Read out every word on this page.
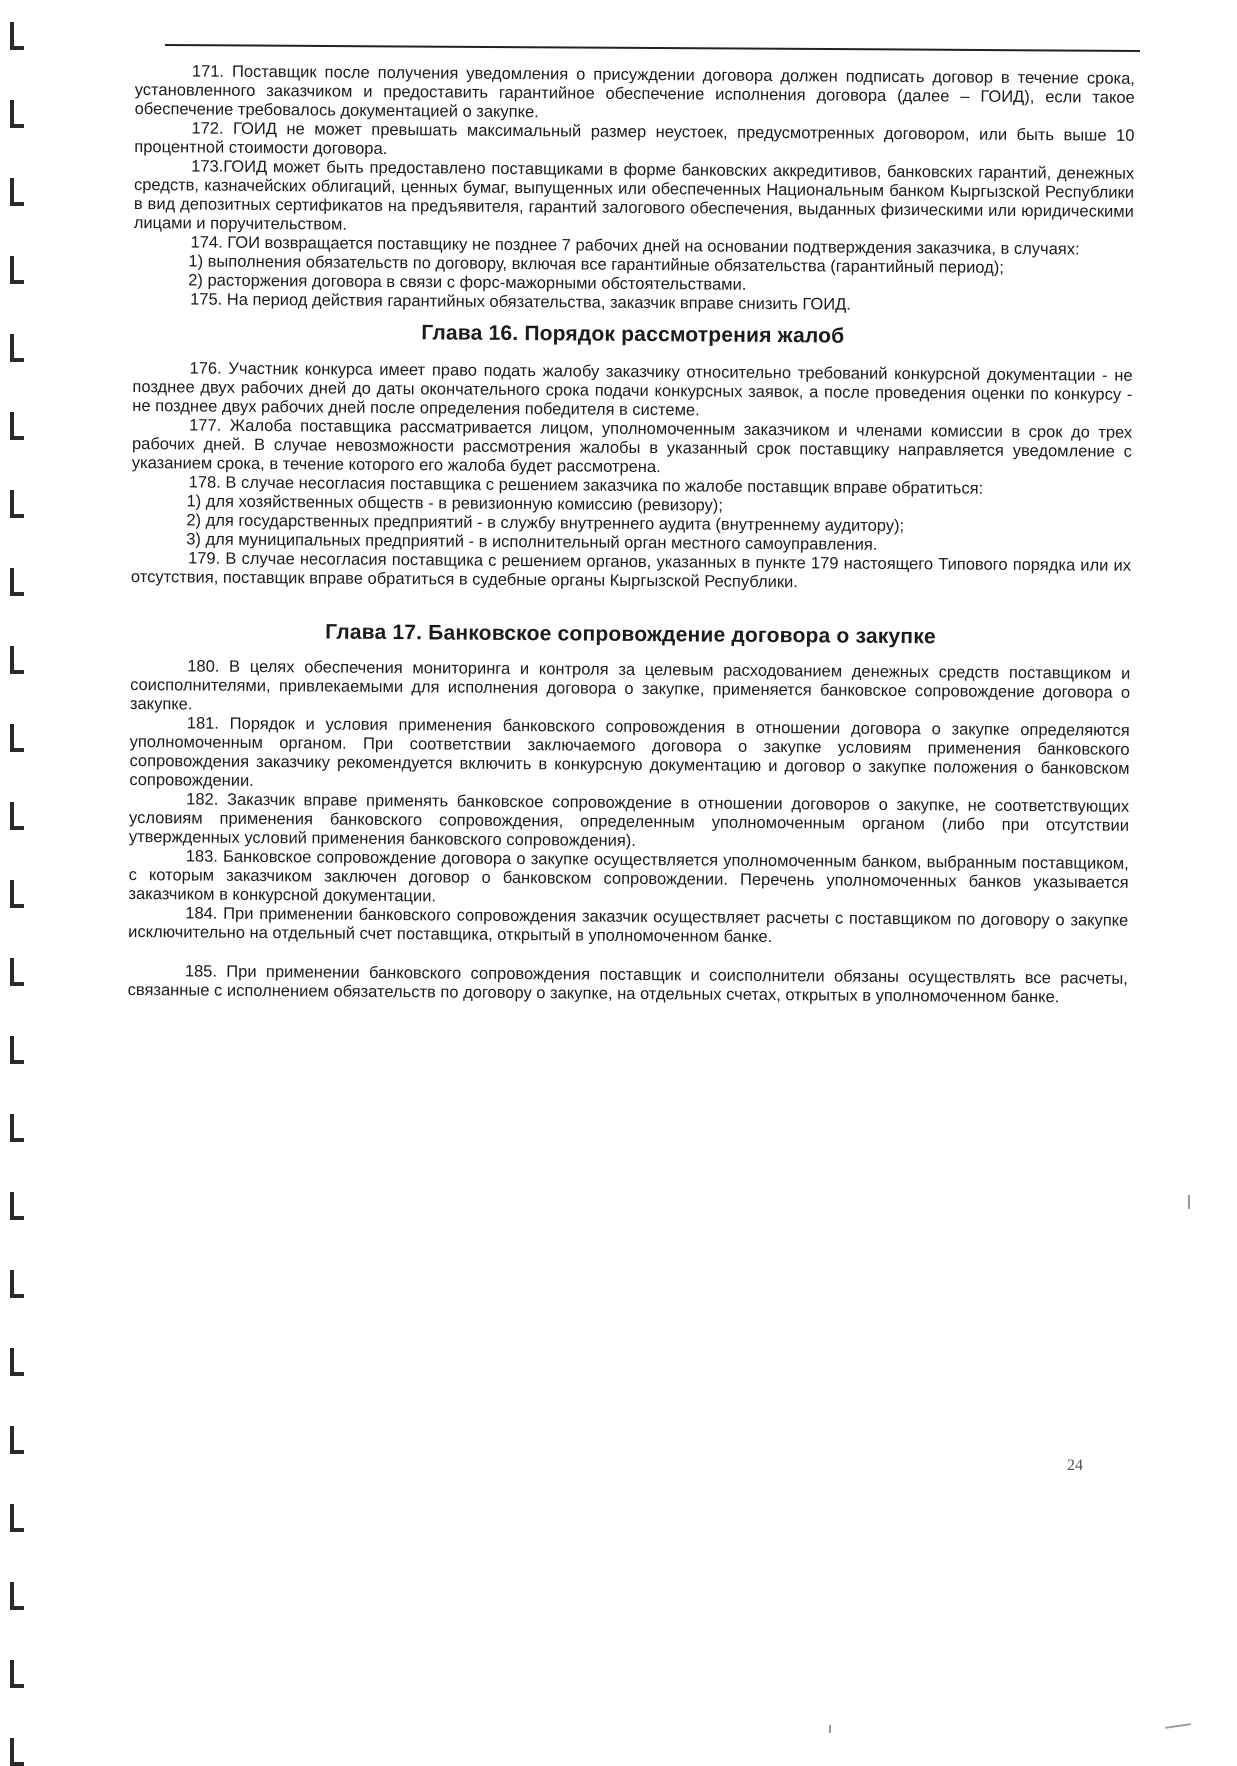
171. Поставщик после получения уведомления о присуждении договора должен подписать договор в течение срока, установленного заказчиком и предоставить гарантийное обеспечение исполнения договора (далее – ГОИД), если такое обеспечение требовалось документацией о закупке.

172. ГОИД не может превышать максимальный размер неустоек, предусмотренных договором, или быть выше 10 процентной стоимости договора.

173.ГОИД может быть предоставлено поставщиками в форме банковских аккредитивов, банковских гарантий, денежных средств, казначейских облигаций, ценных бумаг, выпущенных или обеспеченных Национальным банком Кыргызской Республики в вид депозитных сертификатов на предъявителя, гарантий залогового обеспечения, выданных физическими или юридическими лицами и поручительством.

174. ГОИ возвращается поставщику не позднее 7 рабочих дней на основании подтверждения заказчика, в случаях:

1) выполнения обязательств по договору, включая все гарантийные обязательства (гарантийный период);

2) расторжения договора в связи с форс-мажорными обстоятельствами.

175. На период действия гарантийных обязательства, заказчик вправе снизить ГОИД.

Глава 16. Порядок рассмотрения жалоб

176. Участник конкурса имеет право подать жалобу заказчику относительно требований конкурсной документации - не позднее двух рабочих дней до даты окончательного срока подачи конкурсных заявок, а после проведения оценки по конкурсу - не позднее двух рабочих дней после определения победителя в системе.

177. Жалоба поставщика рассматривается лицом, уполномоченным заказчиком и членами комиссии в срок до трех рабочих дней. В случае невозможности рассмотрения жалобы в указанный срок поставщику направляется уведомление с указанием срока, в течение которого его жалоба будет рассмотрена.

178. В случае несогласия поставщика с решением заказчика по жалобе поставщик вправе обратиться:

1) для хозяйственных обществ - в ревизионную комиссию (ревизору);

2) для государственных предприятий - в службу внутреннего аудита (внутреннему аудитору);

3) для муниципальных предприятий - в исполнительный орган местного самоуправления.

179. В случае несогласия поставщика с решением органов, указанных в пункте 179 настоящего Типового порядка или их отсутствия, поставщик вправе обратиться в судебные органы Кыргызской Республики.

Глава 17. Банковское сопровождение договора о закупке

180. В целях обеспечения мониторинга и контроля за целевым расходованием денежных средств поставщиком и соисполнителями, привлекаемыми для исполнения договора о закупке, применяется банковское сопровождение договора о закупке.

181. Порядок и условия применения банковского сопровождения в отношении договора о закупке определяются уполномоченным органом. При соответствии заключаемого договора о закупке условиям применения банковского сопровождения заказчику рекомендуется включить в конкурсную документацию и договор о закупке положения о банковском сопровождении.

182. Заказчик вправе применять банковское сопровождение в отношении договоров о закупке, не соответствующих условиям применения банковского сопровождения, определенным уполномоченным органом (либо при отсутствии утвержденных условий применения банковского сопровождения).

183. Банковское сопровождение договора о закупке осуществляется уполномоченным банком, выбранным поставщиком, с которым заказчиком заключен договор о банковском сопровождении. Перечень уполномоченных банков указывается заказчиком в конкурсной документации.

184. При применении банковского сопровождения заказчик осуществляет расчеты с поставщиком по договору о закупке исключительно на отдельный счет поставщика, открытый в уполномоченном банке.

185. При применении банковского сопровождения поставщик и соисполнители обязаны осуществлять все расчеты, связанные с исполнением обязательств по договору о закупке, на отдельных счетах, открытых в уполномоченном банке.

24
